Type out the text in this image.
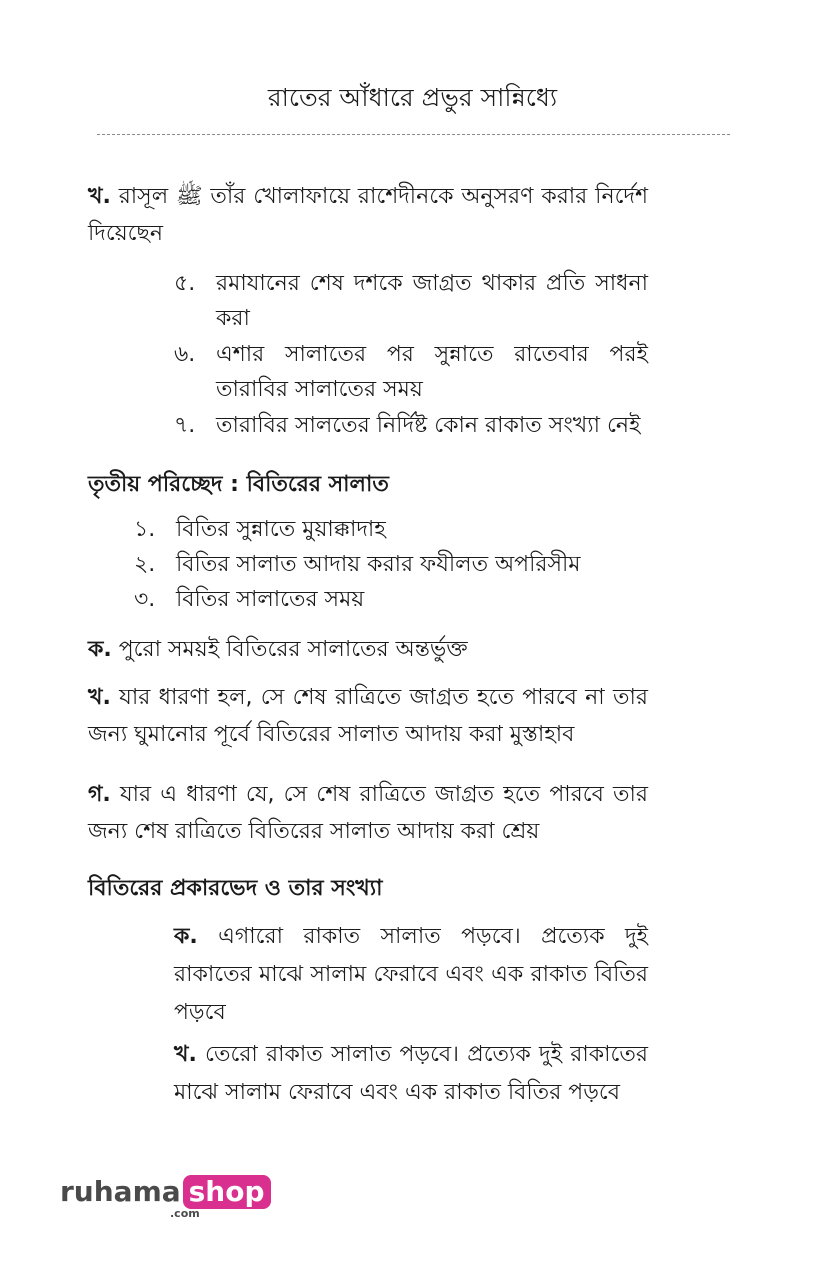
রাতের আঁধারে প্রভুর সান্নিধ্যে
খ. রাসূল ﷺ তাঁর খোলাফায়ে রাশেদীনকে অনুসরণ করার নির্দেশ দিয়েছেন
৫. রমাযানের শেষ দশকে জাগ্রত থাকার প্রতি সাধনা করা
৬. এশার সালাতের পর সুন্নাতে রাতেবার পরই তারাবির সালাতের সময়
৭. তারাবির সালতের নির্দিষ্ট কোন রাকাত সংখ্যা নেই
তৃতীয় পরিচ্ছেদ : বিতিরের সালাত
১. বিতির সুন্নাতে মুয়াক্কাদাহ
২. বিতির সালাত আদায় করার ফযীলত অপরিসীম
৩. বিতির সালাতের সময়
ক. পুরো সময়ই বিতিরের সালাতের অন্তর্ভুক্ত
খ. যার ধারণা হল, সে শেষ রাত্রিতে জাগ্রত হতে পারবে না তার জন্য ঘুমানোর পূর্বে বিতিরের সালাত আদায় করা মুস্তাহাব
গ. যার এ ধারণা যে, সে শেষ রাত্রিতে জাগ্রত হতে পারবে তার জন্য শেষ রাত্রিতে বিতিরের সালাত আদায় করা শ্রেয়
বিতিরের প্রকারভেদ ও তার সংখ্যা
ক. এগারো রাকাত সালাত পড়বে। প্রত্যেক দুই রাকাতের মাঝে সালাম ফেরাবে এবং এক রাকাত বিতির পড়বে
খ. তেরো রাকাত সালাত পড়বে। প্রত্যেক দুই রাকাতের মাঝে সালাম ফেরাবে এবং এক রাকাত বিতির পড়বে
ruhama shop
.com
